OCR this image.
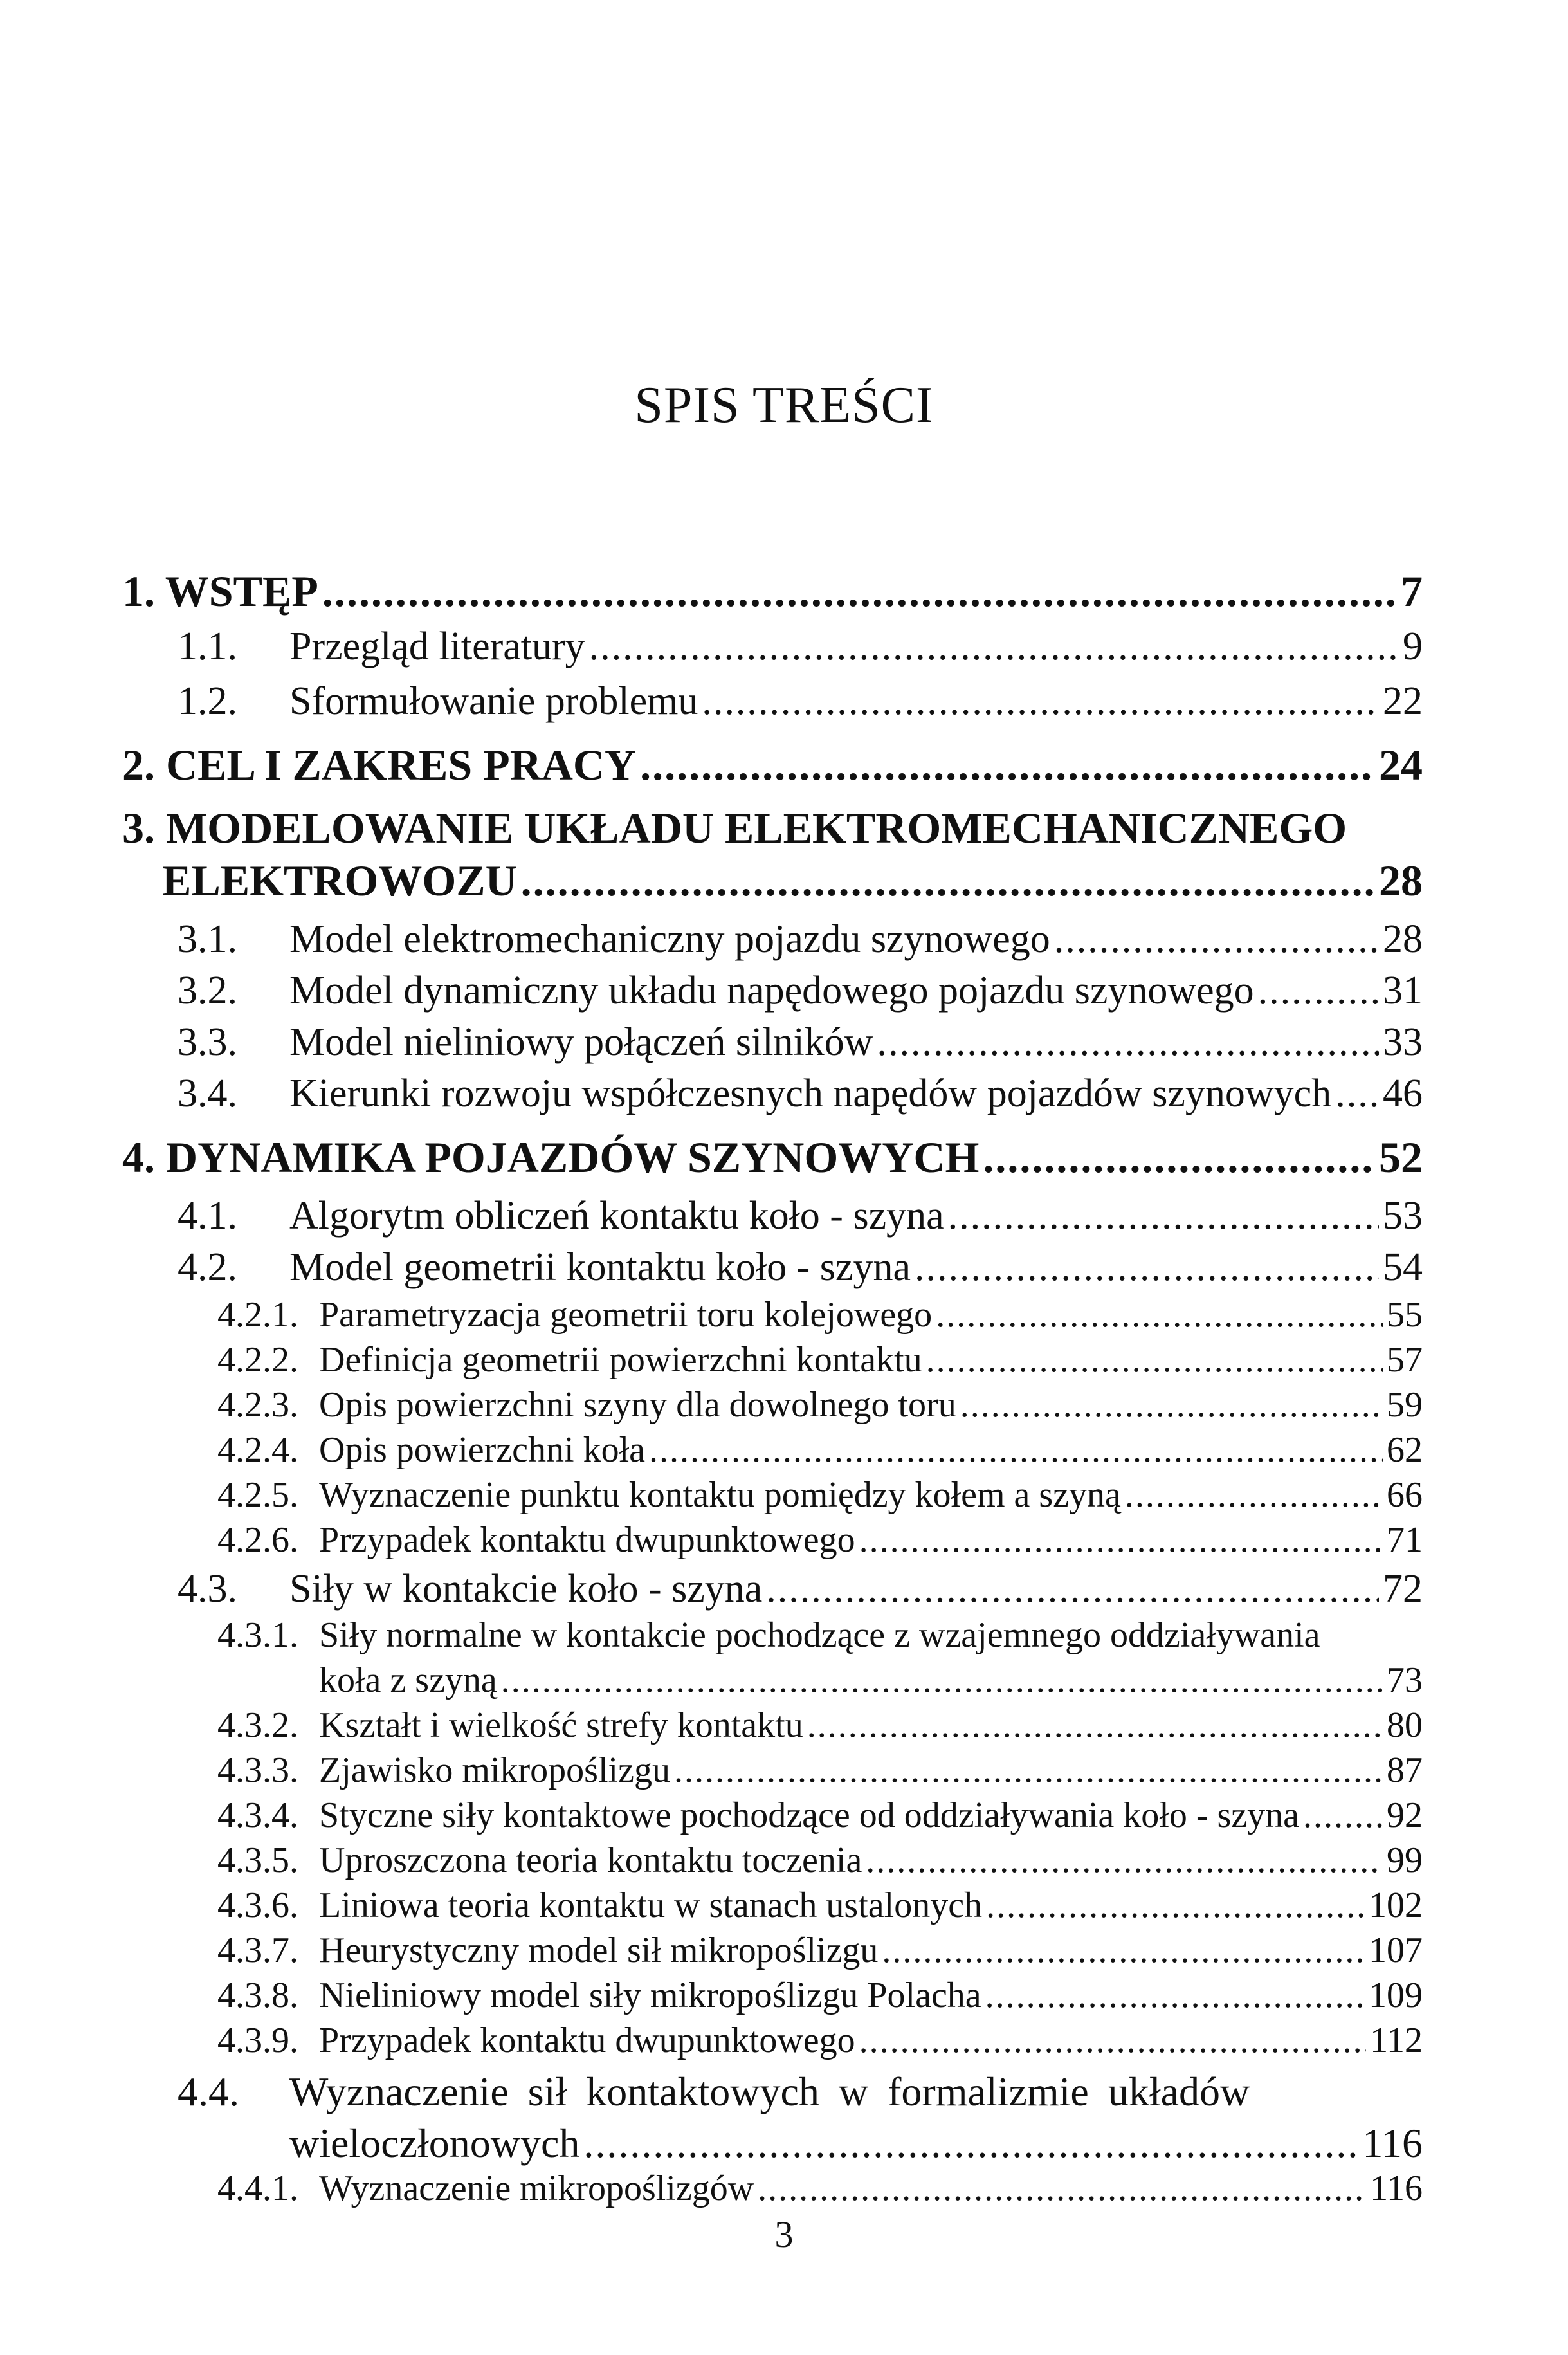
SPIS TREŚCI
1. WSTĘP .....	7
1.1.	Przegląd literatury .....	9
1.2.	Sformułowanie problemu .....	22
2. CEL I ZAKRES PRACY .....	24
3. MODELOWANIE UKŁADU ELEKTROMECHANICZNEGO
ELEKTROWOZU .....	28
3.1.	Model elektromechaniczny pojazdu szynowego .....	28
3.2.	Model dynamiczny układu napędowego pojazdu szynowego .....	31
3.3.	Model nieliniowy połączeń silników .....	33
3.4.	Kierunki rozwoju współczesnych napędów pojazdów szynowych ..... 46
4. DYNAMIKA POJAZDÓW SZYNOWYCH .....	52
4.1.	Algorytm obliczeń kontaktu koło - szyna .....	53
4.2.	Model geometrii kontaktu koło - szyna .....	54
4.2.1. Parametryzacja geometrii toru kolejowego .....	55
4.2.2. Definicja geometrii powierzchni kontaktu .....	57
4.2.3. Opis powierzchni szyny dla dowolnego toru .....	59
4.2.4. Opis powierzchni koła .....	62
4.2.5. Wyznaczenie punktu kontaktu pomiędzy kołem a szyną .....	66
4.2.6. Przypadek kontaktu dwupunktowego .....	71
4.3.	Siły w kontakcie koło - szyna .....	72
4.3.1. Siły normalne w kontakcie pochodzące z wzajemnego oddziaływania
koła z szyną .....	73
4.3.2. Kształt i wielkość strefy kontaktu .....	80
4.3.3. Zjawisko mikropoślizgu .....	87
4.3.4. Styczne siły kontaktowe pochodzące od oddziaływania koło - szyna ..... 92
4.3.5. Uproszczona teoria kontaktu toczenia .....	99
4.3.6. Liniowa teoria kontaktu w stanach ustalonych .....	102
4.3.7. Heurystyczny model sił mikropoślizgu .....	107
4.3.8. Nieliniowy model siły mikropoślizgu Polacha .....	109
4.3.9. Przypadek kontaktu dwupunktowego .....	112
4.4.	Wyznaczenie sił kontaktowych w formalizmie układów
wieloczłonowych .....	116
4.4.1. Wyznaczenie mikropoślizgów .....	116
3
